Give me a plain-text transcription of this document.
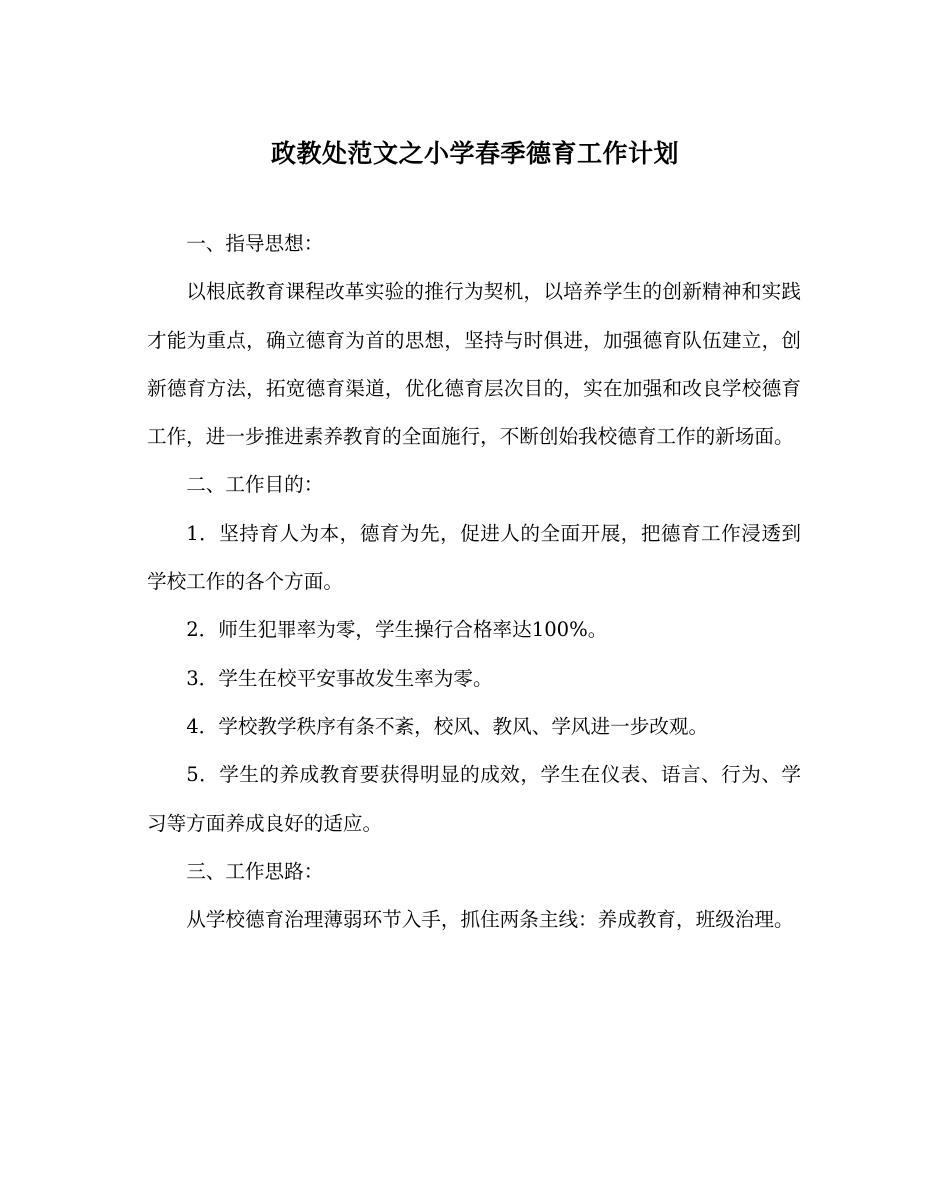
政教处范文之小学春季德育工作计划

一、指导思想：

以根底教育课程改革实验的推行为契机，以培养学生的创新精神和实践才能为重点，确立德育为首的思想，坚持与时俱进，加强德育队伍建立，创新德育方法，拓宽德育渠道，优化德育层次目的，实在加强和改良学校德育工作，进一步推进素养教育的全面施行，不断创始我校德育工作的新场面。

二、工作目的：

1．坚持育人为本，德育为先，促进人的全面开展，把德育工作浸透到学校工作的各个方面。

2．师生犯罪率为零，学生操行合格率达100%。

3．学生在校平安事故发生率为零。

4．学校教学秩序有条不紊，校风、教风、学风进一步改观。

5．学生的养成教育要获得明显的成效，学生在仪表、语言、行为、学习等方面养成良好的适应。

三、工作思路：

从学校德育治理薄弱环节入手，抓住两条主线：养成教育，班级治理。
